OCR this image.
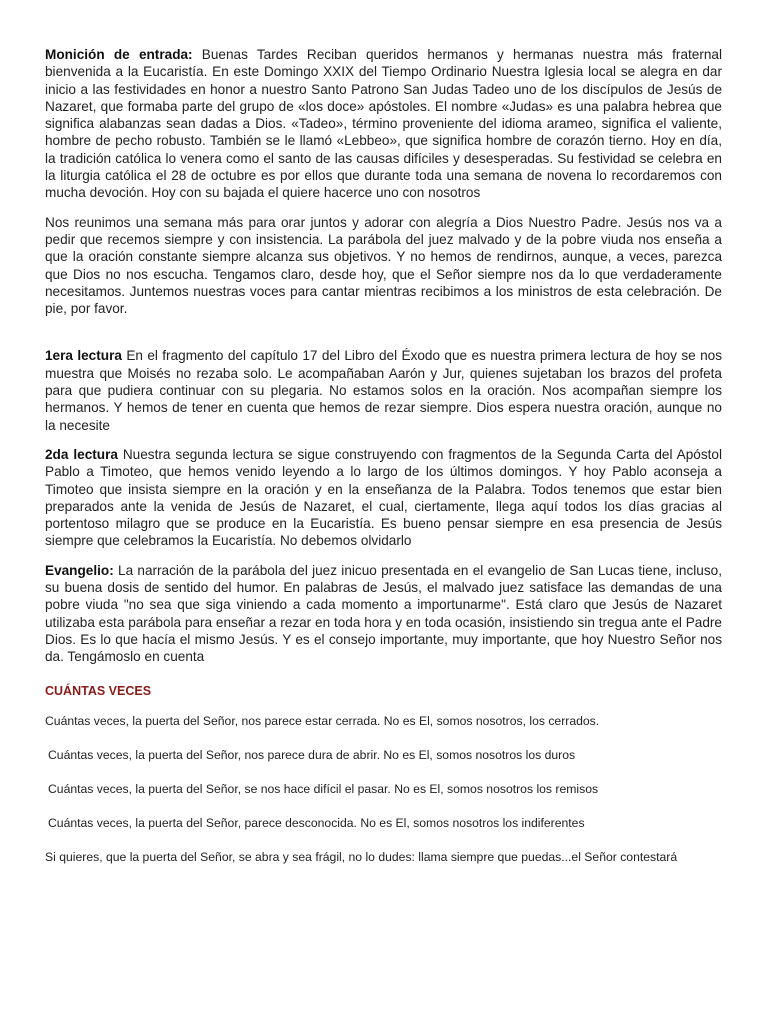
Monición de entrada: Buenas Tardes Reciban queridos hermanos y hermanas nuestra más fraternal bienvenida a la Eucaristía. En este Domingo XXIX del Tiempo Ordinario Nuestra Iglesia local se alegra en dar inicio a las festividades en honor a nuestro Santo Patrono San Judas Tadeo uno de los discípulos de Jesús de Nazaret, que formaba parte del grupo de «los doce» apóstoles. El nombre «Judas» es una palabra hebrea que significa alabanzas sean dadas a Dios. «Tadeo», término proveniente del idioma arameo, significa el valiente, hombre de pecho robusto. También se le llamó «Lebbeo», que significa hombre de corazón tierno. Hoy en día, la tradición católica lo venera como el santo de las causas difíciles y desesperadas. Su festividad se celebra en la liturgia católica el 28 de octubre es por ellos que durante toda una semana de novena lo recordaremos con mucha devoción. Hoy con su bajada el quiere hacerce uno con nosotros

Nos reunimos una semana más para orar juntos y adorar con alegría a Dios Nuestro Padre. Jesús nos va a pedir que recemos siempre y con insistencia. La parábola del juez malvado y de la pobre viuda nos enseña a que la oración constante siempre alcanza sus objetivos. Y no hemos de rendirnos, aunque, a veces, parezca que Dios no nos escucha. Tengamos claro, desde hoy, que el Señor siempre nos da lo que verdaderamente necesitamos. Juntemos nuestras voces para cantar mientras recibimos a los ministros de esta celebración. De pie, por favor.

1era lectura En el fragmento del capítulo 17 del Libro del Éxodo que es nuestra primera lectura de hoy se nos muestra que Moisés no rezaba solo. Le acompañaban Aarón y Jur, quienes sujetaban los brazos del profeta para que pudiera continuar con su plegaria. No estamos solos en la oración. Nos acompañan siempre los hermanos. Y hemos de tener en cuenta que hemos de rezar siempre. Dios espera nuestra oración, aunque no la necesite

2da lectura Nuestra segunda lectura se sigue construyendo con fragmentos de la Segunda Carta del Apóstol Pablo a Timoteo, que hemos venido leyendo a lo largo de los últimos domingos. Y hoy Pablo aconseja a Timoteo que insista siempre en la oración y en la enseñanza de la Palabra. Todos tenemos que estar bien preparados ante la venida de Jesús de Nazaret, el cual, ciertamente, llega aquí todos los días gracias al portentoso milagro que se produce en la Eucaristía. Es bueno pensar siempre en esa presencia de Jesús siempre que celebramos la Eucaristía. No debemos olvidarlo

Evangelio: La narración de la parábola del juez inicuo presentada en el evangelio de San Lucas tiene, incluso, su buena dosis de sentido del humor. En palabras de Jesús, el malvado juez satisface las demandas de una pobre viuda "no sea que siga viniendo a cada momento a importunarme". Está claro que Jesús de Nazaret utilizaba esta parábola para enseñar a rezar en toda hora y en toda ocasión, insistiendo sin tregua ante el Padre Dios. Es lo que hacía el mismo Jesús. Y es el consejo importante, muy importante, que hoy Nuestro Señor nos da. Tengámoslo en cuenta

CUÁNTAS VECES
Cuántas veces, la puerta del Señor, nos parece estar cerrada. No es El, somos nosotros, los cerrados.
Cuántas veces, la puerta del Señor, nos parece dura de abrir. No es El, somos nosotros los duros
Cuántas veces, la puerta del Señor, se nos hace difícil el pasar. No es El, somos nosotros los remisos
Cuántas veces, la puerta del Señor, parece desconocida. No es El, somos nosotros los indiferentes
Si quieres, que la puerta del Señor, se abra y sea frágil, no lo dudes: llama siempre que puedas...el Señor contestará
